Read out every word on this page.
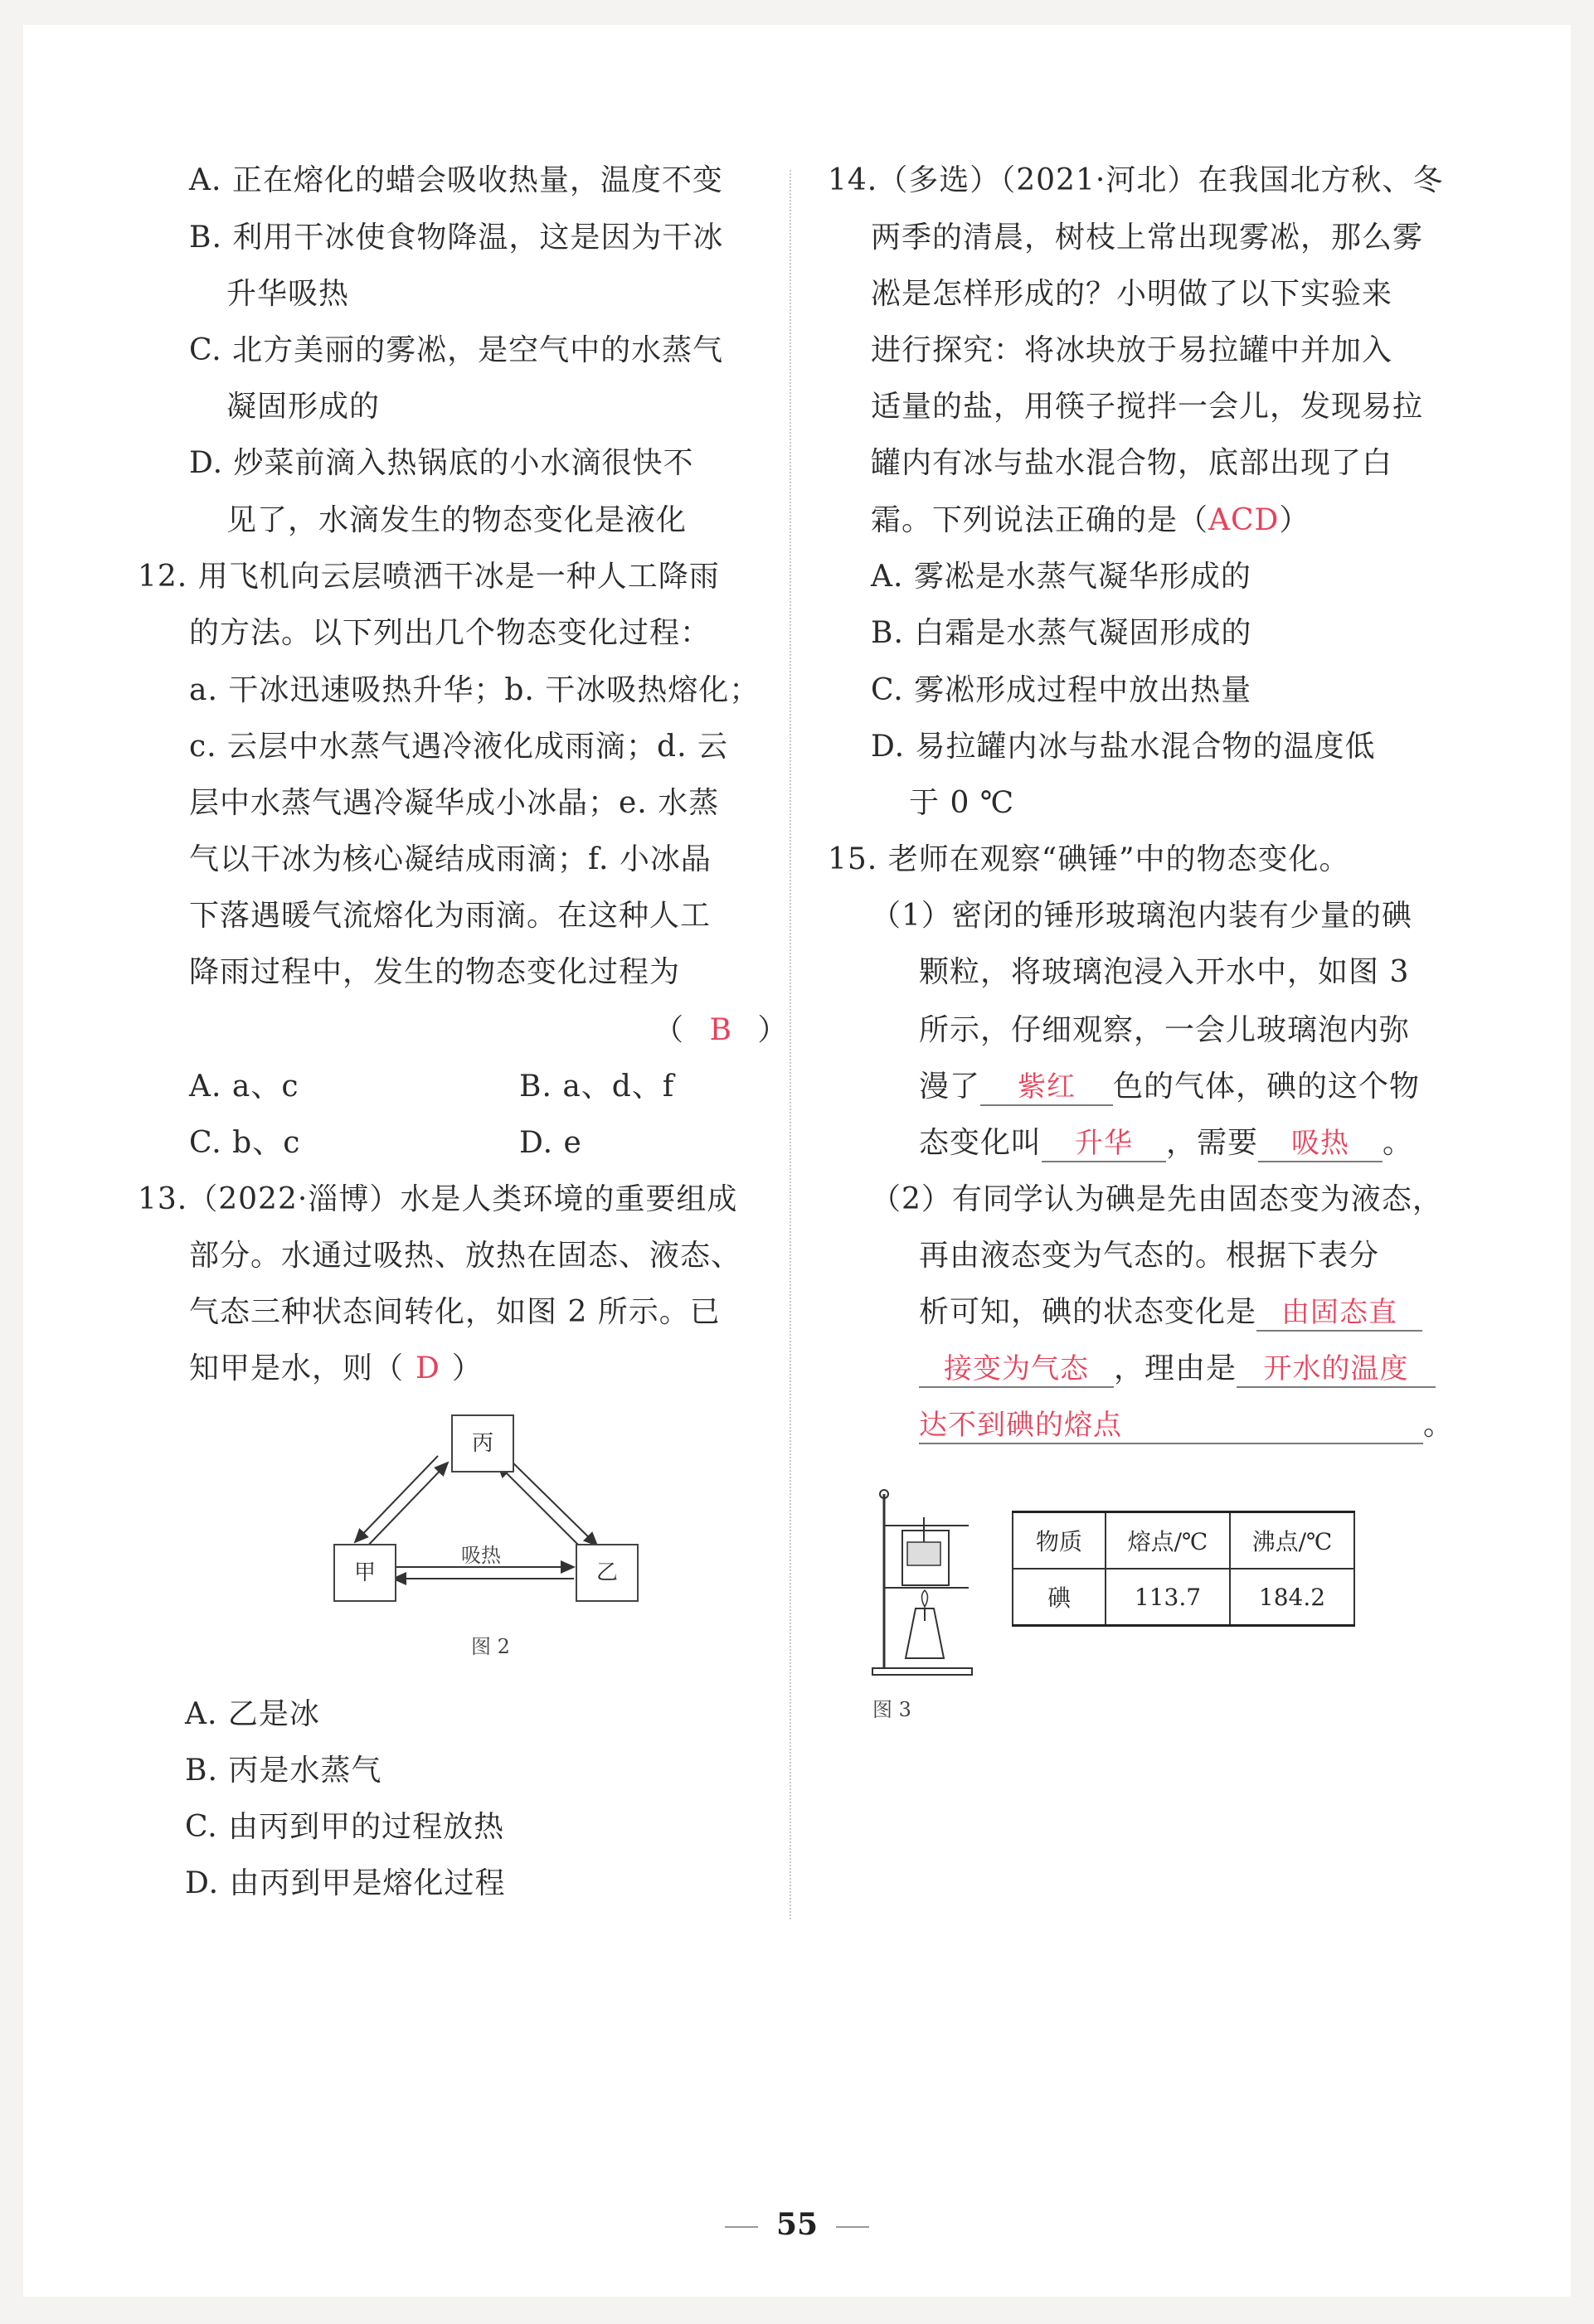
A. 正在熔化的蜡会吸收热量，温度不变
B. 利用干冰使食物降温，这是因为干冰
升华吸热
C. 北方美丽的雾凇，是空气中的水蒸气
凝固形成的
D. 炒菜前滴入热锅底的小水滴很快不
见了，水滴发生的物态变化是液化
12. 用飞机向云层喷洒干冰是一种人工降雨
的方法。以下列出几个物态变化过程：
a. 干冰迅速吸热升华；b. 干冰吸热熔化；
c. 云层中水蒸气遇冷液化成雨滴；d. 云
层中水蒸气遇冷凝华成小冰晶；e. 水蒸
气以干冰为核心凝结成雨滴；f. 小冰晶
下落遇暖气流熔化为雨滴。在这种人工
降雨过程中，发生的物态变化过程为
（ B ）
A. a、c	B. a、d、f
C. b、c	D. e
13.（2022·淄博）水是人类环境的重要组成
部分。水通过吸热、放热在固态、液态、
气态三种状态间转化，如图 2 所示。已
知甲是水，则（ D ）
丙
甲	乙
吸热
图 2
A. 乙是冰
B. 丙是水蒸气
C. 由丙到甲的过程放热
D. 由丙到甲是熔化过程
14.（多选）（2021·河北）在我国北方秋、冬
两季的清晨，树枝上常出现雾凇，那么雾
凇是怎样形成的？小明做了以下实验来
进行探究：将冰块放于易拉罐中并加入
适量的盐，用筷子搅拌一会儿，发现易拉
罐内有冰与盐水混合物，底部出现了白
霜。下列说法正确的是（ACD）
A. 雾凇是水蒸气凝华形成的
B. 白霜是水蒸气凝固形成的
C. 雾凇形成过程中放出热量
D. 易拉罐内冰与盐水混合物的温度低
于 0 ℃
15. 老师在观察“碘锤”中的物态变化。
（1）密闭的锤形玻璃泡内装有少量的碘
颗粒，将玻璃泡浸入开水中，如图 3
所示，仔细观察，一会儿玻璃泡内弥
漫了 紫红 色的气体，碘的这个物
态变化叫 升华 ，需要 吸热 。
（2）有同学认为碘是先由固态变为液态，
再由液态变为气态的。根据下表分
析可知，碘的状态变化是 由固态直
接变为气态 ，理由是 开水的温度
达不到碘的熔点	。
图 3
物质	熔点/℃	沸点/℃
碘	113.7	184.2
55
